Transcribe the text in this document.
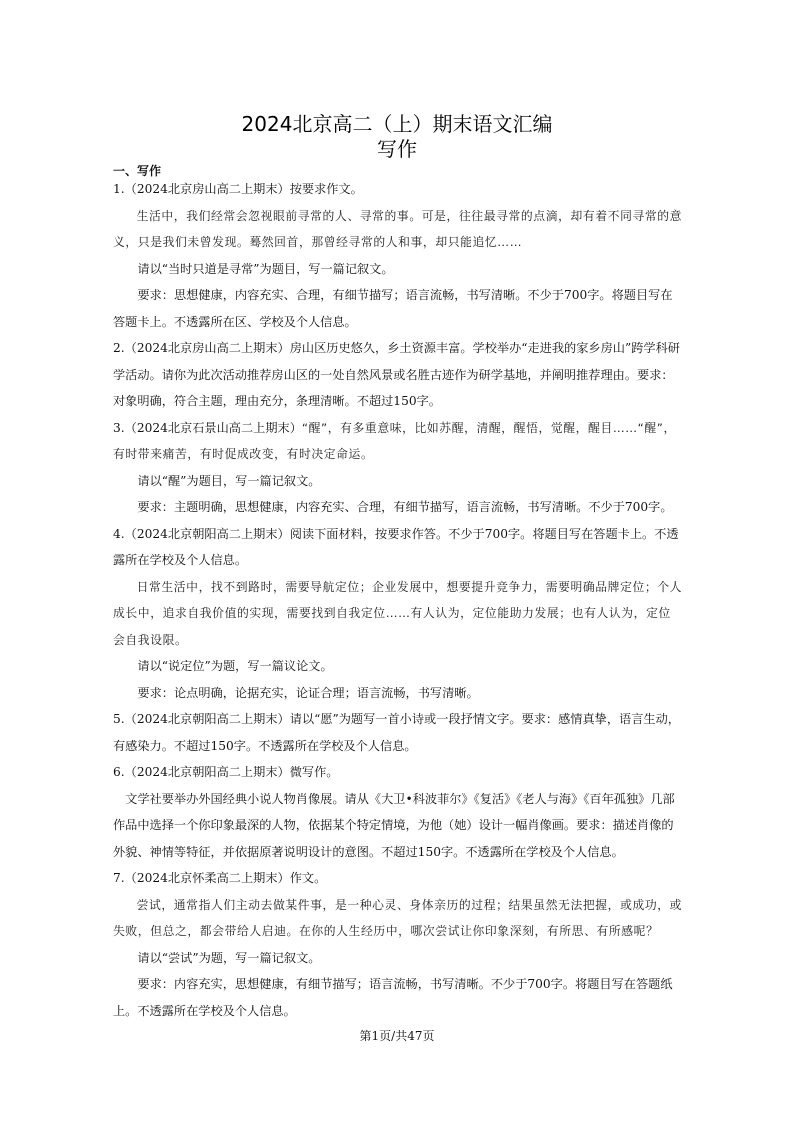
2024北京高二（上）期末语文汇编
写作
一、写作

1.（2024北京房山高二上期末）按要求作文。

生活中，我们经常会忽视眼前寻常的人、寻常的事。可是，往往最寻常的点滴，却有着不同寻常的意义，只是我们未曾发现。蓦然回首，那曾经寻常的人和事，却只能追忆……

请以“当时只道是寻常”为题目，写一篇记叙文。

要求：思想健康，内容充实、合理，有细节描写；语言流畅，书写清晰。不少于700字。将题目写在答题卡上。不透露所在区、学校及个人信息。

2.（2024北京房山高二上期末）房山区历史悠久，乡土资源丰富。学校举办“走进我的家乡房山”跨学科研学活动。请你为此次活动推荐房山区的一处自然风景或名胜古迹作为研学基地，并阐明推荐理由。要求：对象明确，符合主题，理由充分，条理清晰。不超过150字。

3.（2024北京石景山高二上期末）“醒”，有多重意味，比如苏醒，清醒，醒悟，觉醒，醒目……“醒”，有时带来痛苦，有时促成改变，有时决定命运。

请以“醒”为题目，写一篇记叙文。

要求：主题明确，思想健康，内容充实、合理，有细节描写，语言流畅，书写清晰。不少于700字。

4.（2024北京朝阳高二上期末）阅读下面材料，按要求作答。不少于700字。将题目写在答题卡上。不透露所在学校及个人信息。

日常生活中，找不到路时，需要导航定位；企业发展中，想要提升竞争力，需要明确品牌定位；个人成长中，追求自我价值的实现，需要找到自我定位……有人认为，定位能助力发展；也有人认为，定位会自我设限。

请以“说定位”为题，写一篇议论文。

要求：论点明确，论据充实，论证合理；语言流畅，书写清晰。

5.（2024北京朝阳高二上期末）请以“愿”为题写一首小诗或一段抒情文字。要求：感情真挚，语言生动，有感染力。不超过150字。不透露所在学校及个人信息。

6.（2024北京朝阳高二上期末）微写作。

文学社要举办外国经典小说人物肖像展。请从《大卫•科波菲尔》《复活》《老人与海》《百年孤独》几部作品中选择一个你印象最深的人物，依据某个特定情境，为他（她）设计一幅肖像画。要求：描述肖像的外貌、神情等特征，并依据原著说明设计的意图。不超过150字。不透露所在学校及个人信息。

7.（2024北京怀柔高二上期末）作文。

尝试，通常指人们主动去做某件事，是一种心灵、身体亲历的过程；结果虽然无法把握，或成功，或失败，但总之，都会带给人启迪。在你的人生经历中，哪次尝试让你印象深刻，有所思、有所感呢？

请以“尝试”为题，写一篇记叙文。

要求：内容充实，思想健康，有细节描写；语言流畅，书写清晰。不少于700字。将题目写在答题纸上。不透露所在学校及个人信息。

第1页/共47页
